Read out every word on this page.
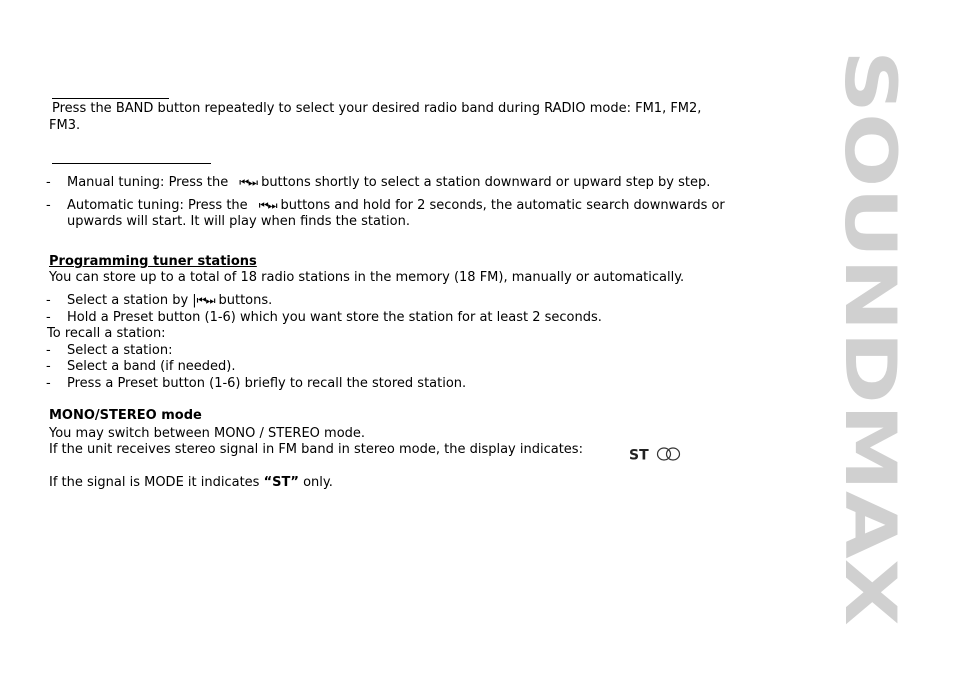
Press the BAND button repeatedly to select your desired radio band during RADIO mode: FM1, FM2,
FM3.
-	Manual tuning: Press the ⏮⏭ buttons shortly to select a station downward or upward step by step.
-	Automatic tuning: Press the ⏮⏭ buttons and hold for 2 seconds, the automatic search downwards or
upwards will start. It will play when finds the station.
Programming tuner stations
You can store up to a total of 18 radio stations in the memory (18 FM), manually or automatically.
-	Select a station by |⏮⏭ buttons.
-	Hold a Preset button (1-6) which you want store the station for at least 2 seconds.
To recall a station:
-	Select a station:
-	Select a band (if needed).
-	Press a Preset button (1-6) briefly to recall the stored station.
MONO/STEREO mode
You may switch between MONO / STEREO mode.
If the unit receives stereo signal in FM band in stereo mode, the display indicates:	ST
If the signal is MODE it indicates “ST” only.	SOUNDMAX
